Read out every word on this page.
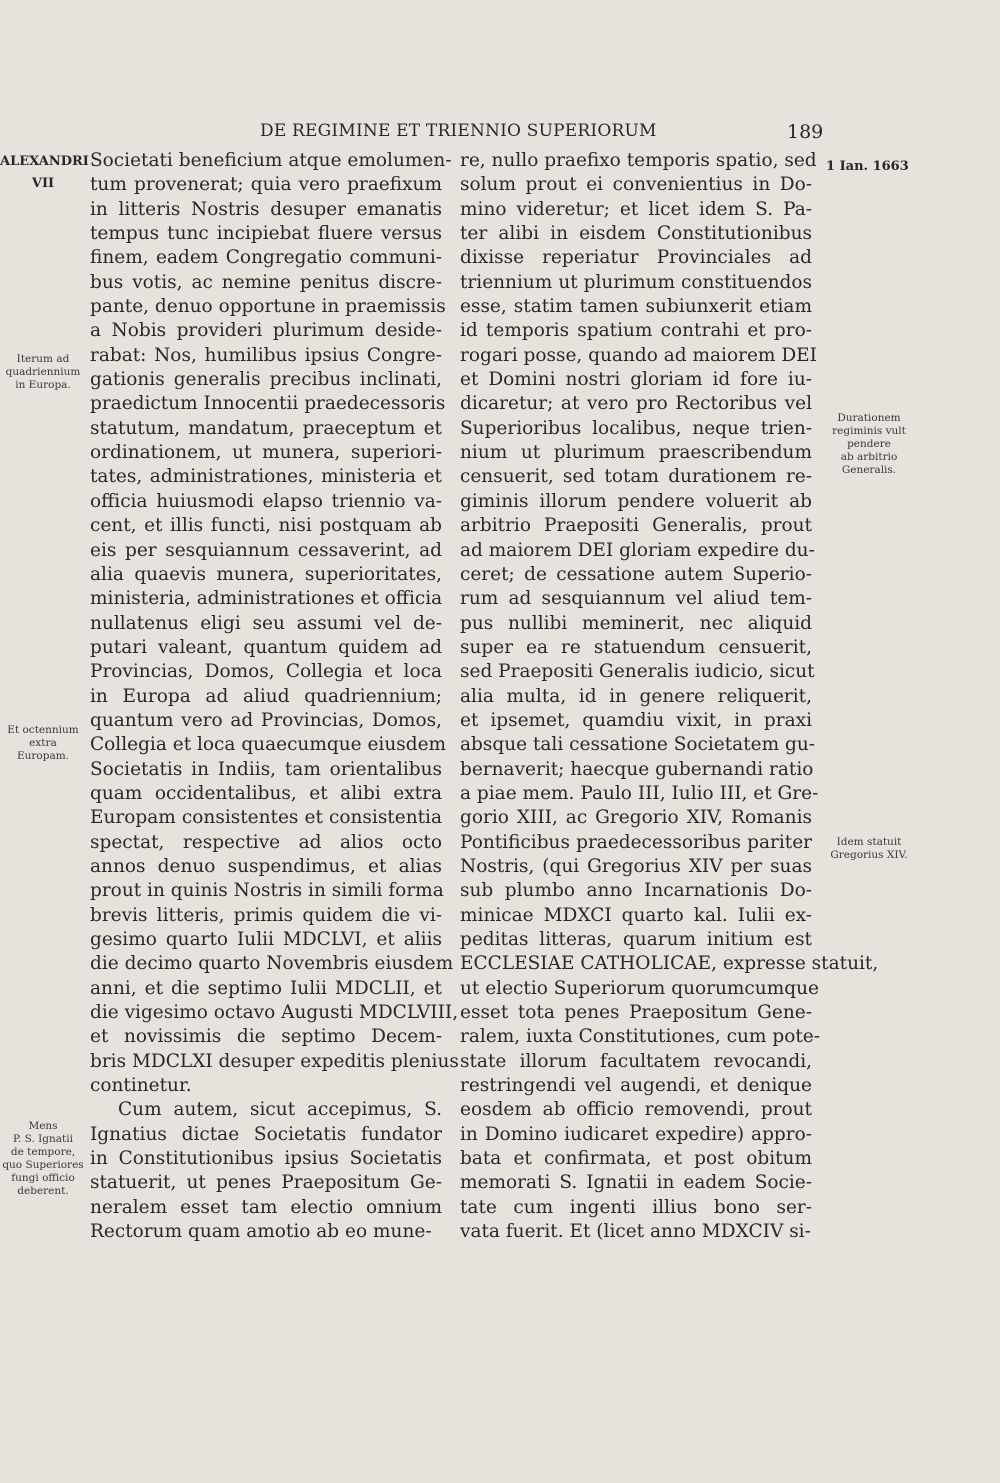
DE REGIMINE ET TRIENNIO SUPERIORUM	189
ALEXANDRI
VII
1 Ian. 1663
Societati beneficium atque emolumen-
tum provenerat; quia vero praefixum
in litteris Nostris desuper emanatis
tempus tunc incipiebat fluere versus
finem, eadem Congregatio communi-
bus votis, ac nemine penitus discre-
pante, denuo opportune in praemissis
a Nobis provideri plurimum deside-
rabat: Nos, humilibus ipsius Congre-
gationis generalis precibus inclinati,
praedictum Innocentii praedecessoris
statutum, mandatum, praeceptum et
ordinationem, ut munera, superiori-
tates, administrationes, ministeria et
officia huiusmodi elapso triennio va-
cent, et illis functi, nisi postquam ab
eis per sesquiannum cessaverint, ad
alia quaevis munera, superioritates,
ministeria, administrationes et officia
nullatenus eligi seu assumi vel de-
putari valeant, quantum quidem ad
Provincias, Domos, Collegia et loca
in Europa ad aliud quadriennium;
quantum vero ad Provincias, Domos,
Collegia et loca quaecumque eiusdem
Societatis in Indiis, tam orientalibus
quam occidentalibus, et alibi extra
Europam consistentes et consistentia
spectat, respective ad alios octo
annos denuo suspendimus, et alias
prout in quinis Nostris in simili forma
brevis litteris, primis quidem die vi-
gesimo quarto Iulii MDCLVI, et aliis
die decimo quarto Novembris eiusdem
anni, et die septimo Iulii MDCLII, et
die vigesimo octavo Augusti MDCLVIII,
et novissimis die septimo Decem-
bris MDCLXI desuper expeditis plenius
continetur.
Cum autem, sicut accepimus, S.
Ignatius dictae Societatis fundator
in Constitutionibus ipsius Societatis
statuerit, ut penes Praepositum Ge-
neralem esset tam electio omnium
Rectorum quam amotio ab eo mune-
re, nullo praefixo temporis spatio, sed
solum prout ei convenientius in Do-
mino videretur; et licet idem S. Pa-
ter alibi in eisdem Constitutionibus
dixisse reperiatur Provinciales ad
triennium ut plurimum constituendos
esse, statim tamen subiunxerit etiam
id temporis spatium contrahi et pro-
rogari posse, quando ad maiorem DEI
et Domini nostri gloriam id fore iu-
dicaretur; at vero pro Rectoribus vel
Superioribus localibus, neque trien-
nium ut plurimum praescribendum
censuerit, sed totam durationem re-
giminis illorum pendere voluerit ab
arbitrio Praepositi Generalis, prout
ad maiorem DEI gloriam expedire du-
ceret; de cessatione autem Superio-
rum ad sesquiannum vel aliud tem-
pus nullibi meminerit, nec aliquid
super ea re statuendum censuerit,
sed Praepositi Generalis iudicio, sicut
alia multa, id in genere reliquerit,
et ipsemet, quamdiu vixit, in praxi
absque tali cessatione Societatem gu-
bernaverit; haecque gubernandi ratio
a piae mem. Paulo III, Iulio III, et Gre-
gorio XIII, ac Gregorio XIV, Romanis
Pontificibus praedecessoribus pariter
Nostris, (qui Gregorius XIV per suas
sub plumbo anno Incarnationis Do-
minicae MDXCI quarto kal. Iulii ex-
peditas litteras, quarum initium est
ECCLESIAE CATHOLICAE, expresse statuit,
ut electio Superiorum quorumcumque
esset tota penes Praepositum Gene-
ralem, iuxta Constitutiones, cum pote-
state illorum facultatem revocandi,
restringendi vel augendi, et denique
eosdem ab officio removendi, prout
in Domino iudicaret expedire) appro-
bata et confirmata, et post obitum
memorati S. Ignatii in eadem Socie-
tate cum ingenti illius bono ser-
vata fuerit. Et (licet anno MDXCIV si-
Iterum ad
quadriennium
in Europa.
Et octennium
extra
Europam.
Mens
P. S. Ignatii
de tempore,
quo Superiores
fungi officio
deberent.
Durationem
regiminis vult
pendere
ab arbitrio
Generalis.
Idem statuit
Gregorius XIV.
